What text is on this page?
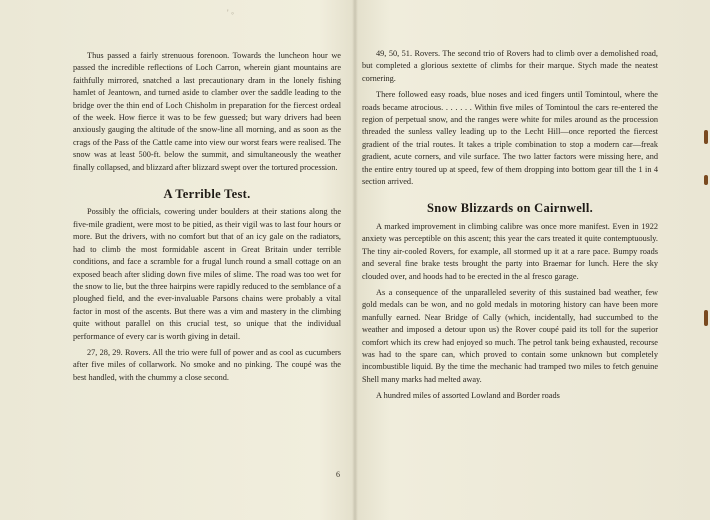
' ◦

Thus passed a fairly strenuous forenoon. Towards the luncheon hour we passed the incredible reflections of Loch Carron, wherein giant mountains are faithfully mirrored, snatched a last precautionary dram in the lonely fishing hamlet of Jeantown, and turned aside to clamber over the saddle leading to the bridge over the thin end of Loch Chisholm in preparation for the fiercest ordeal of the week. How fierce it was to be few guessed; but wary drivers had been anxiously gauging the altitude of the snow-line all morning, and as soon as the crags of the Pass of the Cattle came into view our worst fears were realised. The snow was at least 500-ft. below the summit, and simultaneously the weather finally collapsed, and blizzard after blizzard swept over the tortured procession.

A Terrible Test.

Possibly the officials, cowering under boulders at their stations along the five-mile gradient, were most to be pitied, as their vigil was to last four hours or more. But the drivers, with no comfort but that of an icy gale on the radiators, had to climb the most formidable ascent in Great Britain under terrible conditions, and face a scramble for a frugal lunch round a small cottage on an exposed beach after sliding down five miles of slime. The road was too wet for the snow to lie, but the three hairpins were rapidly reduced to the semblance of a ploughed field, and the ever-invaluable Parsons chains were probably a vital factor in most of the ascents. But there was a vim and mastery in the climbing quite without parallel on this crucial test, so unique that the individual performance of every car is worth giving in detail.

27, 28, 29. Rovers. All the trio were full of power and as cool as cucumbers after five miles of collarwork. No smoke and no pinking. The coupé was the best handled, with the chummy a close second.

49, 50, 51. Rovers. The second trio of Rovers had to climb over a demolished road, but completed a glorious sextette of climbs for their marque. Stych made the neatest cornering.

There followed easy roads, blue noses and iced fingers until Tomintoul, where the roads became atrocious. . . . . . . Within five miles of Tomintoul the cars re-entered the region of perpetual snow, and the ranges were white for miles around as the procession threaded the sunless valley leading up to the Lecht Hill—once reported the fiercest gradient of the trial routes. It takes a triple combination to stop a modern car—freak gradient, acute corners, and vile surface. The two latter factors were missing here, and the entire entry toured up at speed, few of them dropping into bottom gear till the 1 in 4 section arrived.

Snow Blizzards on Cairnwell.

A marked improvement in climbing calibre was once more manifest. Even in 1922 anxiety was perceptible on this ascent; this year the cars treated it quite contemptuously. The tiny air-cooled Rovers, for example, all stormed up it at a rare pace. Bumpy roads and several fine brake tests brought the party into Braemar for lunch. Here the sky clouded over, and hoods had to be erected in the al fresco garage.

As a consequence of the unparalleled severity of this sustained bad weather, few gold medals can be won, and no gold medals in motoring history can have been more manfully earned. Near Bridge of Cally (which, incidentally, had succumbed to the weather and imposed a detour upon us) the Rover coupé paid its toll for the superior comfort which its crew had enjoyed so much. The petrol tank being exhausted, recourse was had to the spare can, which proved to contain some unknown but completely incombustible liquid. By the time the mechanic had tramped two miles to fetch genuine Shell many marks had melted away.

A hundred miles of assorted Lowland and Border roads

6
